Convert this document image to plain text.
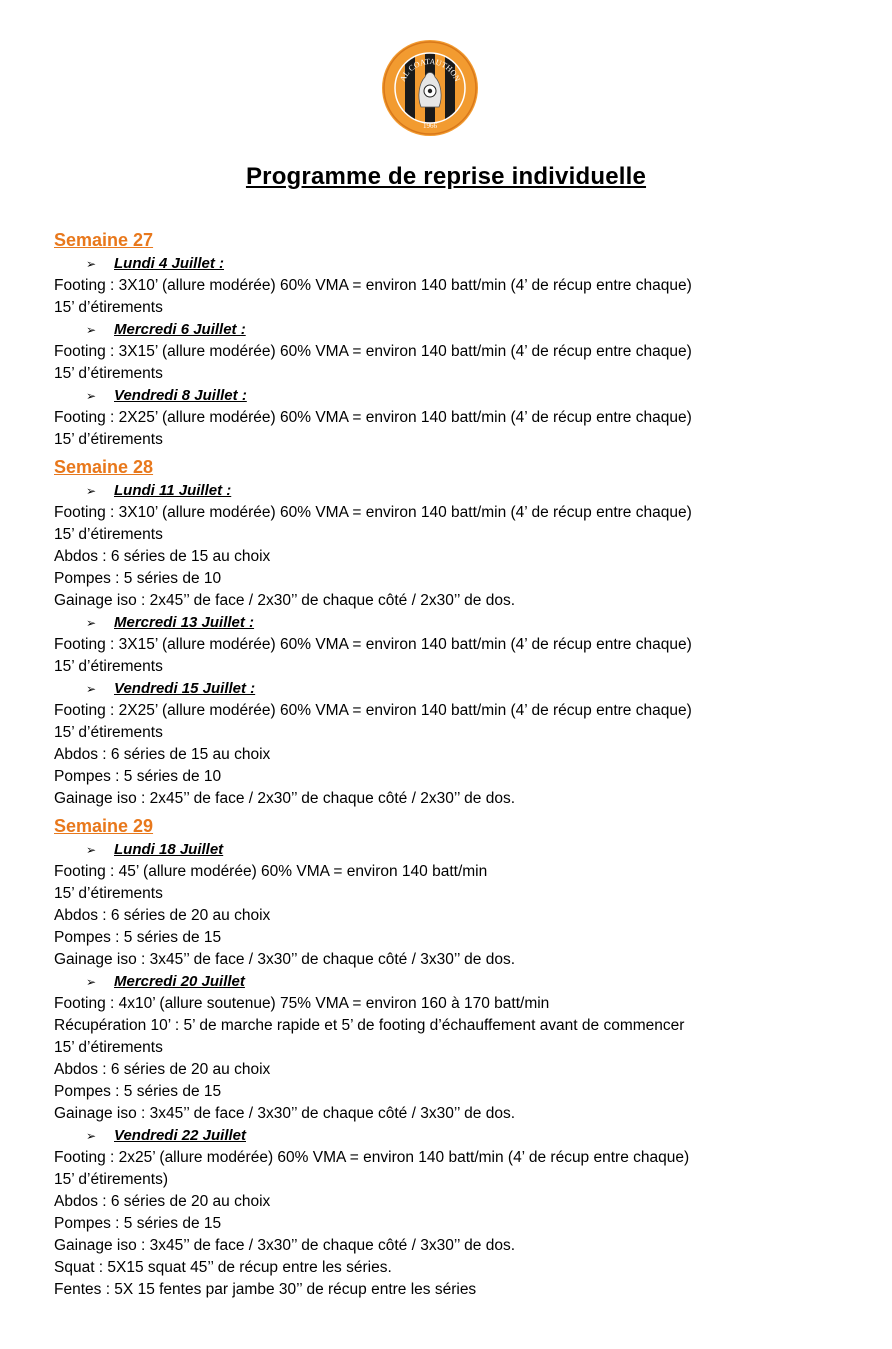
AL COATAUTHON
1966
Programme de reprise individuelle
Semaine 27
➢ Lundi 4 Juillet :
Footing : 3X10’ (allure modérée) 60% VMA = environ 140 batt/min (4’ de récup entre chaque)
15’ d’étirements
➢ Mercredi 6 Juillet :
Footing : 3X15’ (allure modérée) 60% VMA = environ 140 batt/min (4’ de récup entre chaque)
15’ d’étirements
➢ Vendredi 8 Juillet :
Footing : 2X25’ (allure modérée) 60% VMA = environ 140 batt/min (4’ de récup entre chaque)
15’ d’étirements
Semaine 28
➢ Lundi 11 Juillet :
Footing : 3X10’ (allure modérée) 60% VMA = environ 140 batt/min (4’ de récup entre chaque)
15’ d’étirements
Abdos : 6 séries de 15 au choix
Pompes : 5 séries de 10
Gainage iso : 2x45’’ de face / 2x30’’ de chaque côté / 2x30’’ de dos.
➢ Mercredi 13 Juillet :
Footing : 3X15’ (allure modérée) 60% VMA = environ 140 batt/min (4’ de récup entre chaque)
15’ d’étirements
➢ Vendredi 15 Juillet :
Footing : 2X25’ (allure modérée) 60% VMA = environ 140 batt/min (4’ de récup entre chaque)
15’ d’étirements
Abdos : 6 séries de 15 au choix
Pompes : 5 séries de 10
Gainage iso : 2x45’’ de face / 2x30’’ de chaque côté / 2x30’’ de dos.
Semaine 29
➢ Lundi 18 Juillet
Footing : 45’ (allure modérée) 60% VMA = environ 140 batt/min
15’ d’étirements
Abdos : 6 séries de 20 au choix
Pompes : 5 séries de 15
Gainage iso : 3x45’’ de face / 3x30’’ de chaque côté / 3x30’’ de dos.
➢ Mercredi 20 Juillet
Footing : 4x10’ (allure soutenue) 75% VMA = environ 160 à 170 batt/min
Récupération 10’ : 5’ de marche rapide et 5’ de footing d’échauffement avant de commencer
15’ d’étirements
Abdos : 6 séries de 20 au choix
Pompes : 5 séries de 15
Gainage iso : 3x45’’ de face / 3x30’’ de chaque côté / 3x30’’ de dos.
➢ Vendredi 22 Juillet
Footing : 2x25’ (allure modérée) 60% VMA = environ 140 batt/min (4’ de récup entre chaque)
15’ d’étirements)
Abdos : 6 séries de 20 au choix
Pompes : 5 séries de 15
Gainage iso : 3x45’’ de face / 3x30’’ de chaque côté / 3x30’’ de dos.
Squat : 5X15 squat 45’’ de récup entre les séries.
Fentes : 5X 15 fentes par jambe 30’’ de récup entre les séries
